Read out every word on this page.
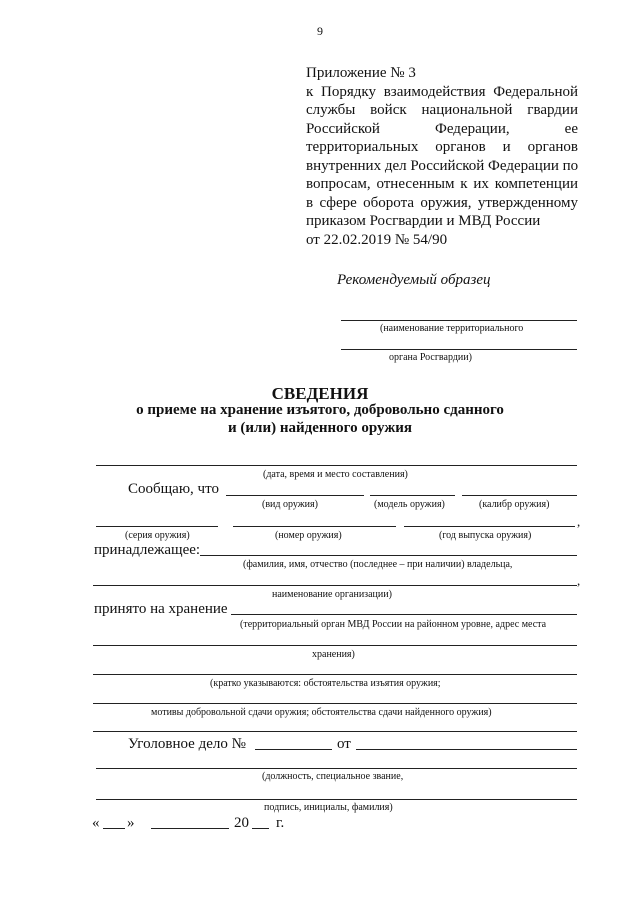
9
Приложение № 3
к Порядку взаимодействия Федеральной
службы войск национальной гвардии
Российской Федерации, ее
территориальных органов и органов
внутренних дел Российской Федерации по
вопросам, отнесенным к их компетенции
в сфере оборота оружия, утвержденному
приказом Росгвардии и МВД России
от 22.02.2019 № 54/90
Рекомендуемый образец
(наименование территориального
органа Росгвардии)
СВЕДЕНИЯ
о приеме на хранение изъятого, добровольно сданного
и (или) найденного оружия
(дата, время и место составления)
Сообщаю, что
(вид оружия)	(модель оружия)	(калибр оружия)
,
(серия оружия)	(номер оружия)	(год выпуска оружия)
принадлежащее:
(фамилия, имя, отчество (последнее – при наличии) владельца,
,
наименование организации)
принято на хранение
(территориальный орган МВД России на районном уровне, адрес места
хранения)
(кратко указываются: обстоятельства изъятия оружия;
мотивы добровольной сдачи оружия; обстоятельства сдачи найденного оружия)
Уголовное дело №	от
(должность, специальное звание,
подпись, инициалы, фамилия)
« »	20 г.
